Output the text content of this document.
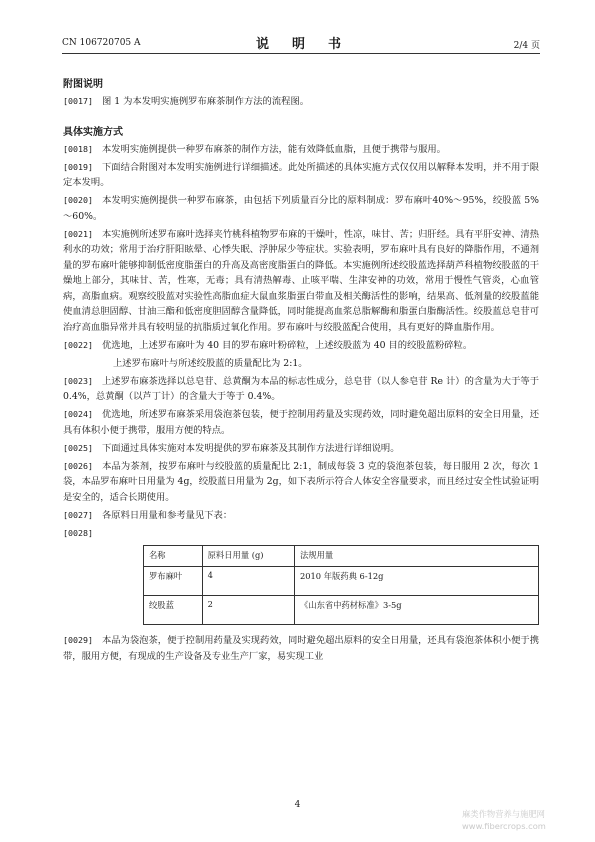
CN 106720705 A	说　明　书	2/4 页
附图说明

[0017] 图 1 为本发明实施例罗布麻茶制作方法的流程图。

具体实施方式

[0018] 本发明实施例提供一种罗布麻茶的制作方法，能有效降低血脂，且便于携带与服用。

[0019] 下面结合附图对本发明实施例进行详细描述。此处所描述的具体实施方式仅仅用以解释本发明，并不用于限定本发明。

[0020] 本发明实施例提供一种罗布麻茶，由包括下列质量百分比的原料制成：罗布麻叶40%～95%，绞股蓝 5%～60%。

[0021] 本实施例所述罗布麻叶选择夹竹桃科植物罗布麻的干燥叶，性凉，味甘、苦；归肝经。具有平肝安神、清热利水的功效；常用于治疗肝阳眩晕、心悸失眠、浮肿尿少等症状。实验表明，罗布麻叶具有良好的降脂作用，不通剂量的罗布麻叶能够抑制低密度脂蛋白的升高及高密度脂蛋白的降低。本实施例所述绞股蓝选择葫芦科植物绞股蓝的干燥地上部分，其味甘、苦，性寒，无毒；具有清热解毒、止咳平喘、生津安神的功效，常用于慢性气管炎，心血管病，高脂血病。观察绞股蓝对实验性高脂血症大鼠血浆脂蛋白带血及相关酶活性的影响，结果高、低剂量的绞股蓝能使血清总胆固醇、甘油三酯和低密度胆固醇含量降低，同时能提高血浆总脂解酶和脂蛋白脂酶活性。绞股蓝总皂苷可治疗高血脂异常并具有较明显的抗脂质过氧化作用。罗布麻叶与绞股蓝配合使用，具有更好的降血脂作用。

[0022] 优选地，上述罗布麻叶为 40 目的罗布麻叶粉碎粒，上述绞股蓝为 40 目的绞股蓝粉碎粒。

上述罗布麻叶与所述绞股蓝的质量配比为 2:1。

[0023] 上述罗布麻茶选择以总皂苷、总黄酮为本品的标志性成分，总皂苷（以人参皂苷 Re 计）的含量为大于等于 0.4%，总黄酮（以芦丁计）的含量大于等于 0.4%。

[0024] 优选地，所述罗布麻茶采用袋泡茶包装，便于控制用药量及实现药效，同时避免超出原料的安全日用量，还具有体积小便于携带，服用方便的特点。

[0025] 下面通过具体实施对本发明提供的罗布麻茶及其制作方法进行详细说明。

[0026] 本品为茶剂，按罗布麻叶与绞股蓝的质量配比 2:1，制成每袋 3 克的袋泡茶包装，每日服用 2 次，每次 1 袋，本品罗布麻叶日用量为 4g，绞股蓝日用量为 2g，如下表所示符合人体安全容量要求，而且经过安全性试验证明是安全的，适合长期使用。

[0027] 各原料日用量和参考量见下表：

[0028]

名称	原料日用量 (g)	法规用量
罗布麻叶	4	2010 年版药典 6-12g
绞股蓝	2	《山东省中药材标准》3-5g

[0029] 本品为袋泡茶，便于控制用药量及实现药效，同时避免超出原料的安全日用量，还具有袋泡茶体积小便于携带，服用方便，有现成的生产设备及专业生产厂家，易实现工业

4
麻类作物营养与施肥网
www.fibercrops.com
